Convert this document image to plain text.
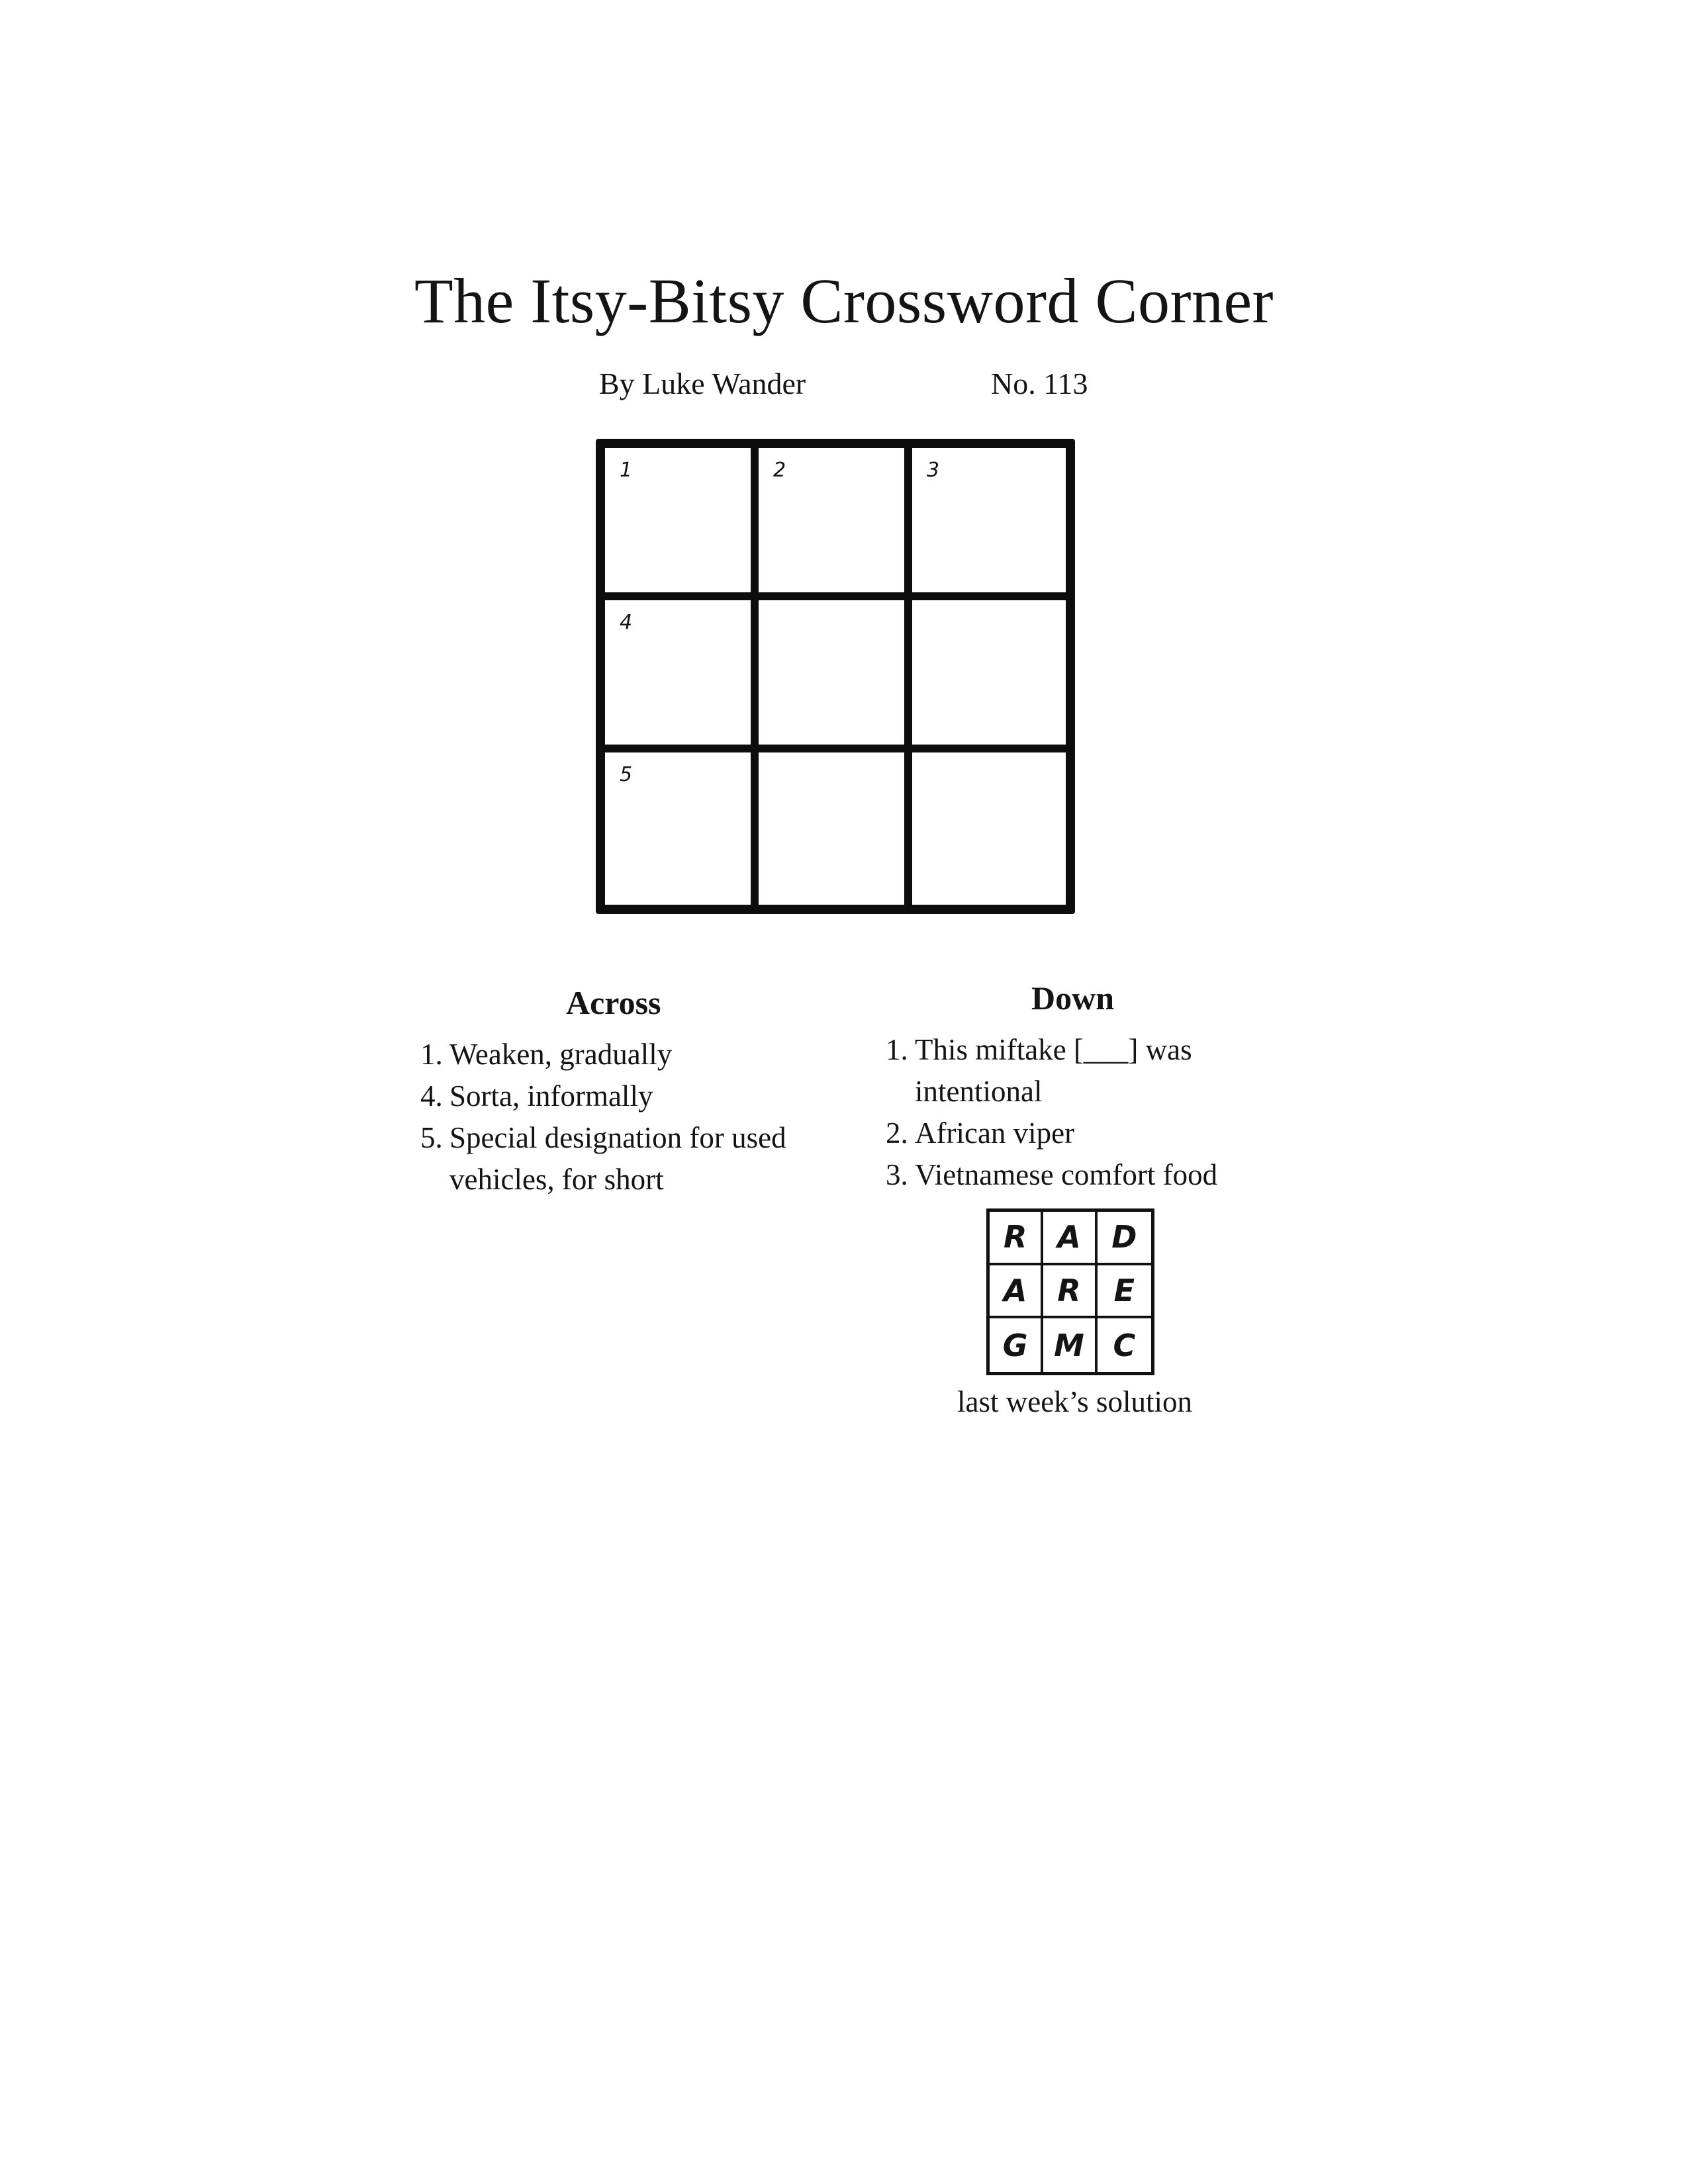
The Itsy-Bitsy Crossword Corner
By Luke Wander	No. 113
1	2	3
4
5
Across
1. Weaken, gradually
4. Sorta, informally
5. Special designation for used vehicles, for short
Down
1. This miftake [___] was intentional
2. African viper
3. Vietnamese comfort food
R A	D
A R	E
G M C
last week’s solution
